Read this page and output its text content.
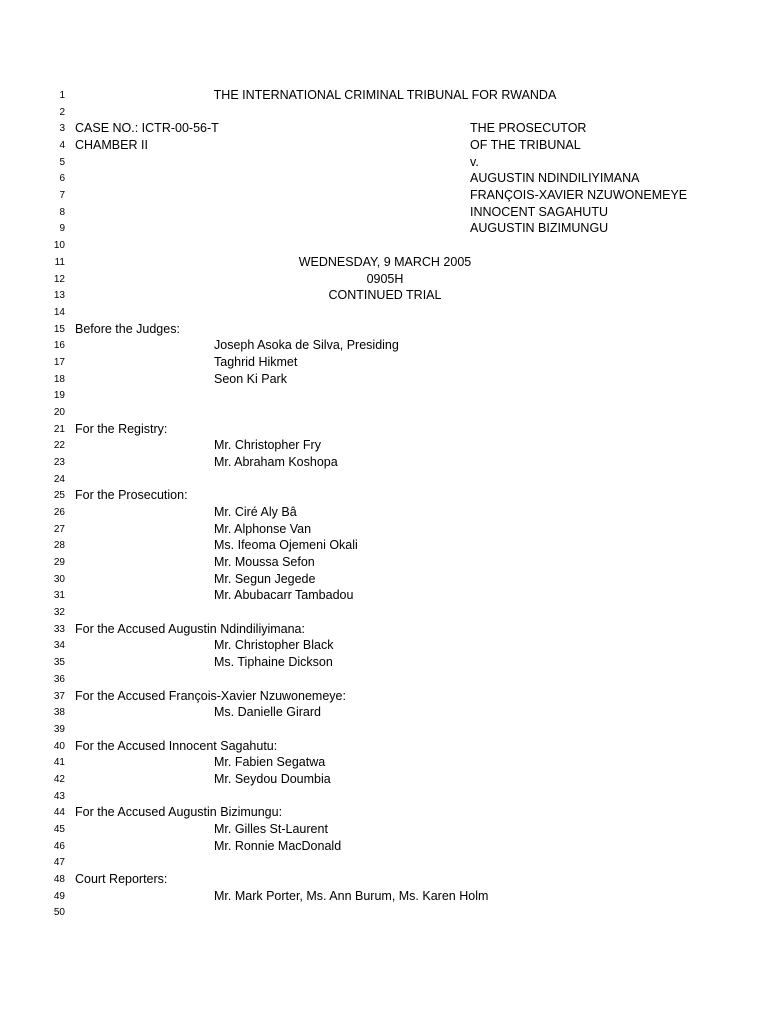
1	THE INTERNATIONAL CRIMINAL TRIBUNAL FOR RWANDA
2
3 CASE NO.: ICTR-00-56-T	THE PROSECUTOR
4 CHAMBER II	OF THE TRIBUNAL
5	v.
6	AUGUSTIN NDINDILIYIMANA
7	FRANÇOIS-XAVIER NZUWONEMEYE
8	INNOCENT SAGAHUTU
9	AUGUSTIN BIZIMUNGU
10
11	WEDNESDAY, 9 MARCH 2005
12	0905H
13	CONTINUED TRIAL
14
15 Before the Judges:
16	Joseph Asoka de Silva, Presiding
17	Taghrid Hikmet
18	Seon Ki Park
19
20
21 For the Registry:
22	Mr. Christopher Fry
23	Mr. Abraham Koshopa
24
25 For the Prosecution:
26	Mr. Ciré Aly Bâ
27	Mr. Alphonse Van
28	Ms. Ifeoma Ojemeni Okali
29	Mr. Moussa Sefon
30	Mr. Segun Jegede
31	Mr. Abubacarr Tambadou
32
33 For the Accused Augustin Ndindiliyimana:
34	Mr. Christopher Black
35	Ms. Tiphaine Dickson
36
37 For the Accused François-Xavier Nzuwonemeye:
38	Ms. Danielle Girard
39
40 For the Accused Innocent Sagahutu:
41	Mr. Fabien Segatwa
42	Mr. Seydou Doumbia
43
44 For the Accused Augustin Bizimungu:
45	Mr. Gilles St-Laurent
46	Mr. Ronnie MacDonald
47
48 Court Reporters:
49	Mr. Mark Porter, Ms. Ann Burum, Ms. Karen Holm
50
